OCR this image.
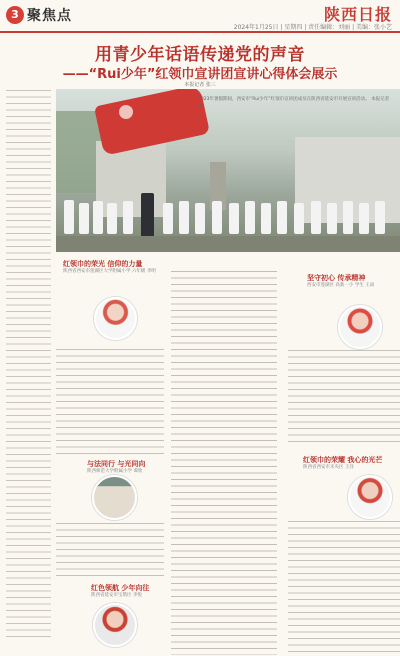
3 聚焦点	陕西日报
2024年1月25日 | 星期四 | 责任编辑：刘丽 | 美编：张小艺
用青少年话语传递党的声音
——“Rui少年”红领巾宣讲团宣讲心得体会展示
本报记者 张三
2023年暑假期间，西安市“Rui少年”红领巾宣讲团成员在陕西省延安市开展宣讲活动。 本报记者 摄
红领巾的荣光 信仰的力量
陕西省西安市莲湖区大学附属小学 六年级 李明
与法同行 与光同向
陕西师范大学附属小学 谭欣
红色领航 少年向往
陕西省延安市宝塔区 李悦
坚守初心 传承精神
西安市莲湖区 高新一小 学生 王雨
红领巾的荣耀 我心的光芒
陕西省西安市未央区 王洋
